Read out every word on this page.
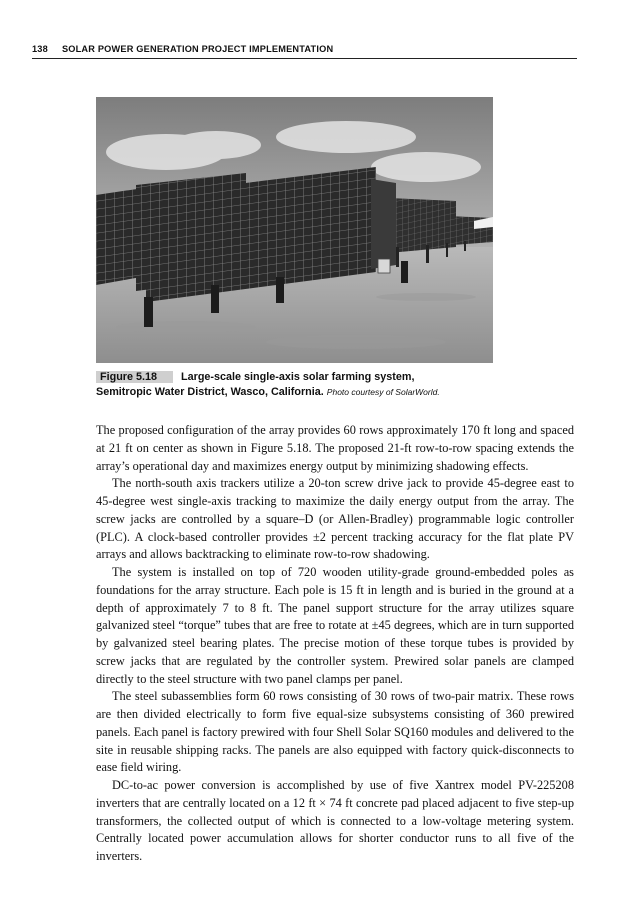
138 SOLAR POWER GENERATION PROJECT IMPLEMENTATION
Figure 5.18 Large-scale single-axis solar farming system,
Semitropic Water District, Wasco, California. Photo courtesy of SolarWorld.

The proposed configuration of the array provides 60 rows approximately 170 ft long and spaced at 21 ft on center as shown in Figure 5.18. The proposed 21-ft row-to-row spacing extends the array’s operational day and maximizes energy output by minimizing shadowing effects.

The north-south axis trackers utilize a 20-ton screw drive jack to provide 45-degree east to 45-degree west single-axis tracking to maximize the daily energy output from the array. The screw jacks are controlled by a square–D (or Allen-Bradley) programmable logic controller (PLC). A clock-based controller provides ±2 percent tracking accuracy for the flat plate PV arrays and allows backtracking to eliminate row-to-row shadowing.

The system is installed on top of 720 wooden utility-grade ground-embedded poles as foundations for the array structure. Each pole is 15 ft in length and is buried in the ground at a depth of approximately 7 to 8 ft. The panel support structure for the array utilizes square galvanized steel “torque” tubes that are free to rotate at ±45 degrees, which are in turn supported by galvanized steel bearing plates. The precise motion of these torque tubes is provided by screw jacks that are regulated by the controller system. Prewired solar panels are clamped directly to the steel structure with two panel clamps per panel.

The steel subassemblies form 60 rows consisting of 30 rows of two-pair matrix. These rows are then divided electrically to form five equal-size subsystems consisting of 360 prewired panels. Each panel is factory prewired with four Shell Solar SQ160 modules and delivered to the site in reusable shipping racks. The panels are also equipped with factory quick-disconnects to ease field wiring.

DC-to-ac power conversion is accomplished by use of five Xantrex model PV-225208 inverters that are centrally located on a 12 ft × 74 ft concrete pad placed adjacent to five step-up transformers, the collected output of which is connected to a low-voltage metering system. Centrally located power accumulation allows for shorter conductor runs to all five of the inverters.
